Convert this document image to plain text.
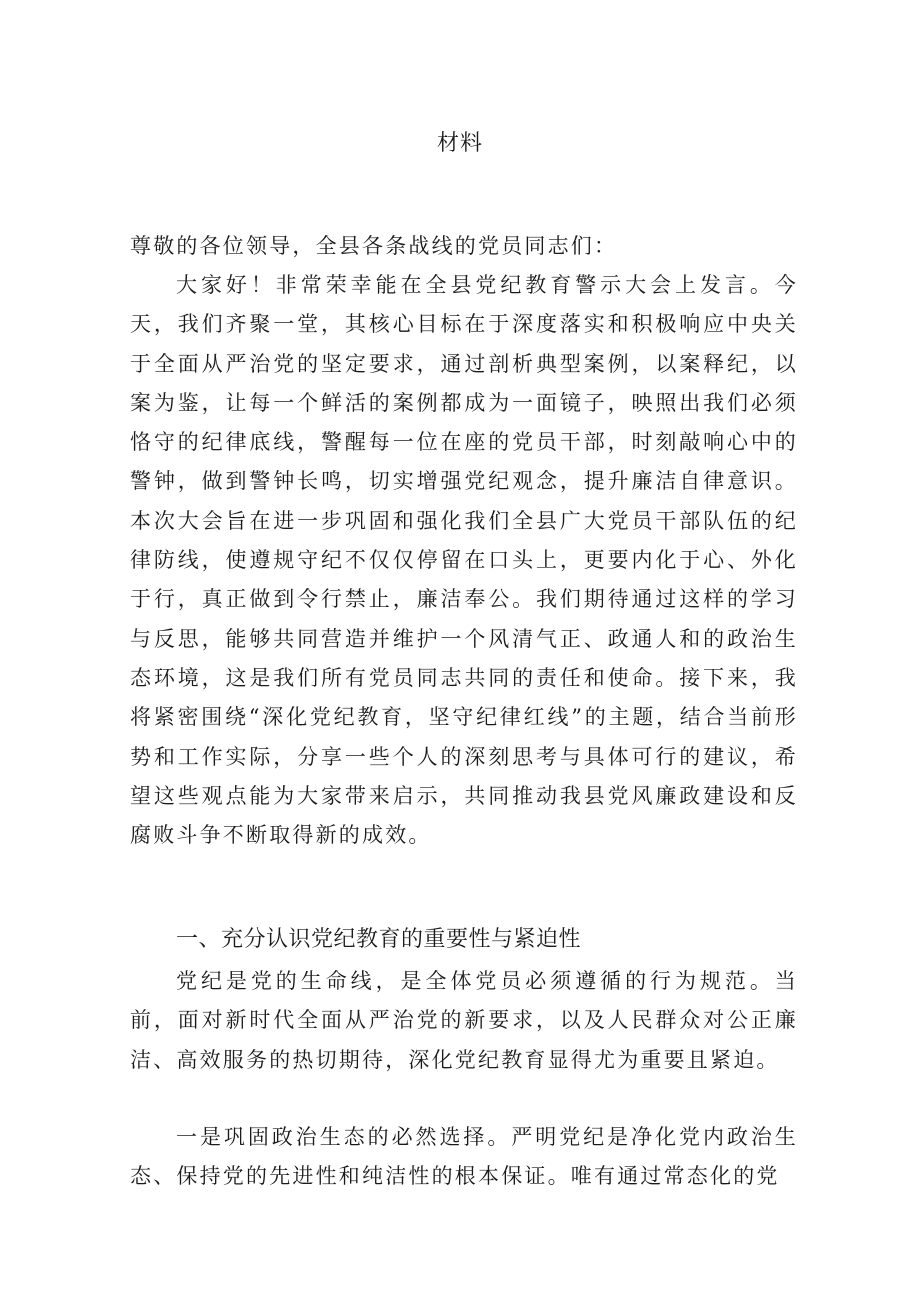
材料
尊敬的各位领导，全县各条战线的党员同志们：
大家好！非常荣幸能在全县党纪教育警示大会上发言。今天，我们齐聚一堂，其核心目标在于深度落实和积极响应中央关于全面从严治党的坚定要求，通过剖析典型案例，以案释纪，以案为鉴，让每一个鲜活的案例都成为一面镜子，映照出我们必须恪守的纪律底线，警醒每一位在座的党员干部，时刻敲响心中的警钟，做到警钟长鸣，切实增强党纪观念，提升廉洁自律意识。本次大会旨在进一步巩固和强化我们全县广大党员干部队伍的纪律防线，使遵规守纪不仅仅停留在口头上，更要内化于心、外化于行，真正做到令行禁止，廉洁奉公。我们期待通过这样的学习与反思，能够共同营造并维护一个风清气正、政通人和的政治生态环境，这是我们所有党员同志共同的责任和使命。接下来，我将紧密围绕“深化党纪教育，坚守纪律红线”的主题，结合当前形势和工作实际，分享一些个人的深刻思考与具体可行的建议，希望这些观点能为大家带来启示，共同推动我县党风廉政建设和反腐败斗争不断取得新的成效。
一、充分认识党纪教育的重要性与紧迫性
党纪是党的生命线，是全体党员必须遵循的行为规范。当前，面对新时代全面从严治党的新要求，以及人民群众对公正廉洁、高效服务的热切期待，深化党纪教育显得尤为重要且紧迫。
一是巩固政治生态的必然选择。严明党纪是净化党内政治生态、保持党的先进性和纯洁性的根本保证。唯有通过常态化的党
